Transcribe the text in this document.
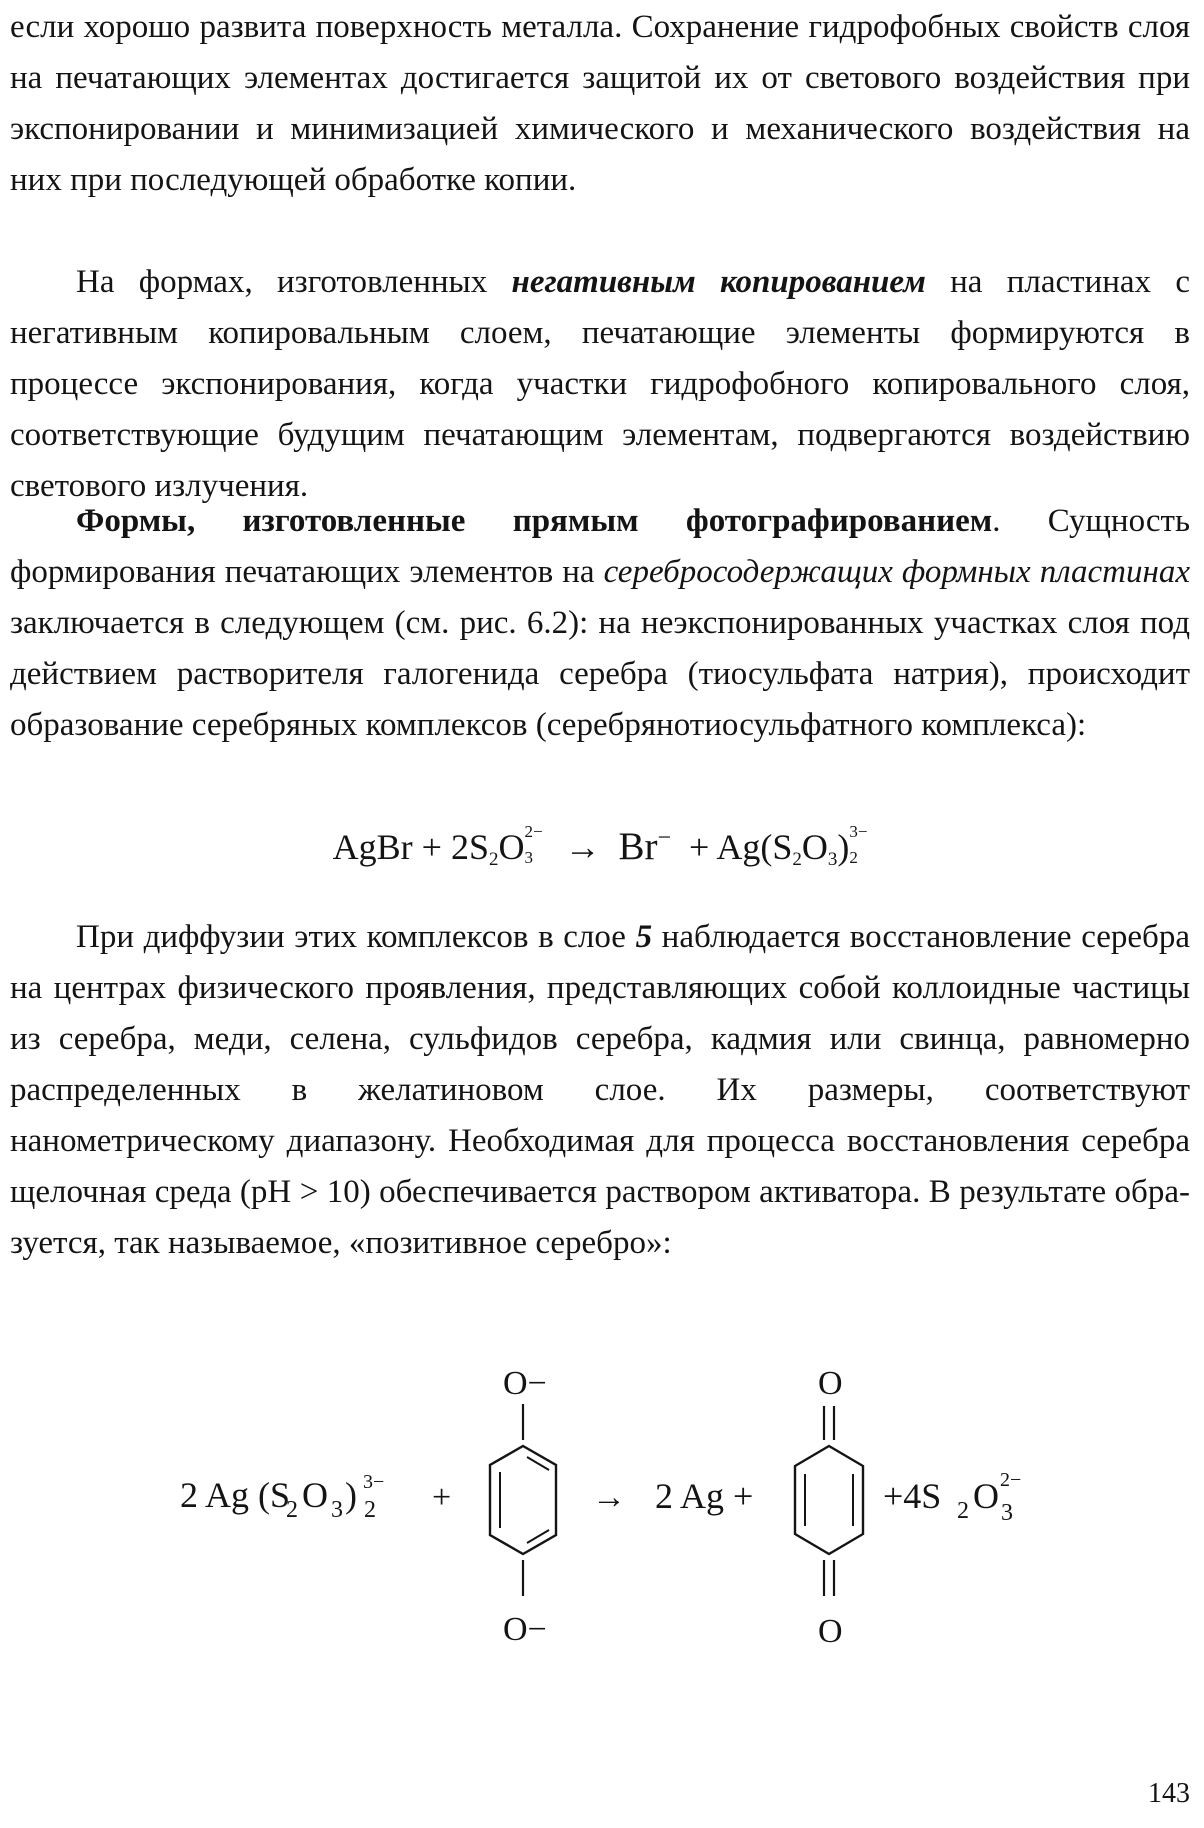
если хорошо развита поверхность металла. Сохранение гидрофобных свойств слоя на печатающих элементах достигается защитой их от светового воздействия при экспонировании и минимизацией химического и механического воздействия на них при последующей обработке копии.

На формах, изготовленных негативным копированием на пластинах с негативным копировальным слоем, печатающие элементы формируются в процессе экспонирования, когда участки гидрофобного копировального слоя, соответствующие будущим печатающим элементам, подвергаются воздействию светового излучения.

Формы, изготовленные прямым фотографированием. Сущность формирования печатающих элементов на серебросодержащих формных пластинах заключается в следующем (см. рис. 6.2): на неэкспонированных участках слоя под действием растворителя галогенида серебра (тиосульфата натрия), происходит образование серебряных комплексов (серебрянотиосульфатного комплекса):

AgBr + 2S2O 2−
3 → Br− + Ag(S2O3) 3−
2

При диффузии этих комплексов в слое 5 наблюдается восстановление серебра на центрах физического проявления, представляющих собой коллоидные частицы из серебра, меди, селена, сульфидов серебра, кадмия или свинца, равномерно распределенных в желатиновом слое. Их размеры, соответствуют нанометрическому диапазону. Необходимая для процесса восстановления серебра щелочная среда (pH > 10) обеспечивается раствором активатора. В результате образуется, так называемое, «позитивное серебро»:

2 Ag (S
2 O 3 ) 3−
2 +
O−
O−
→ 2 Ag +
O
O
+4S 2 O 2−
3
143
